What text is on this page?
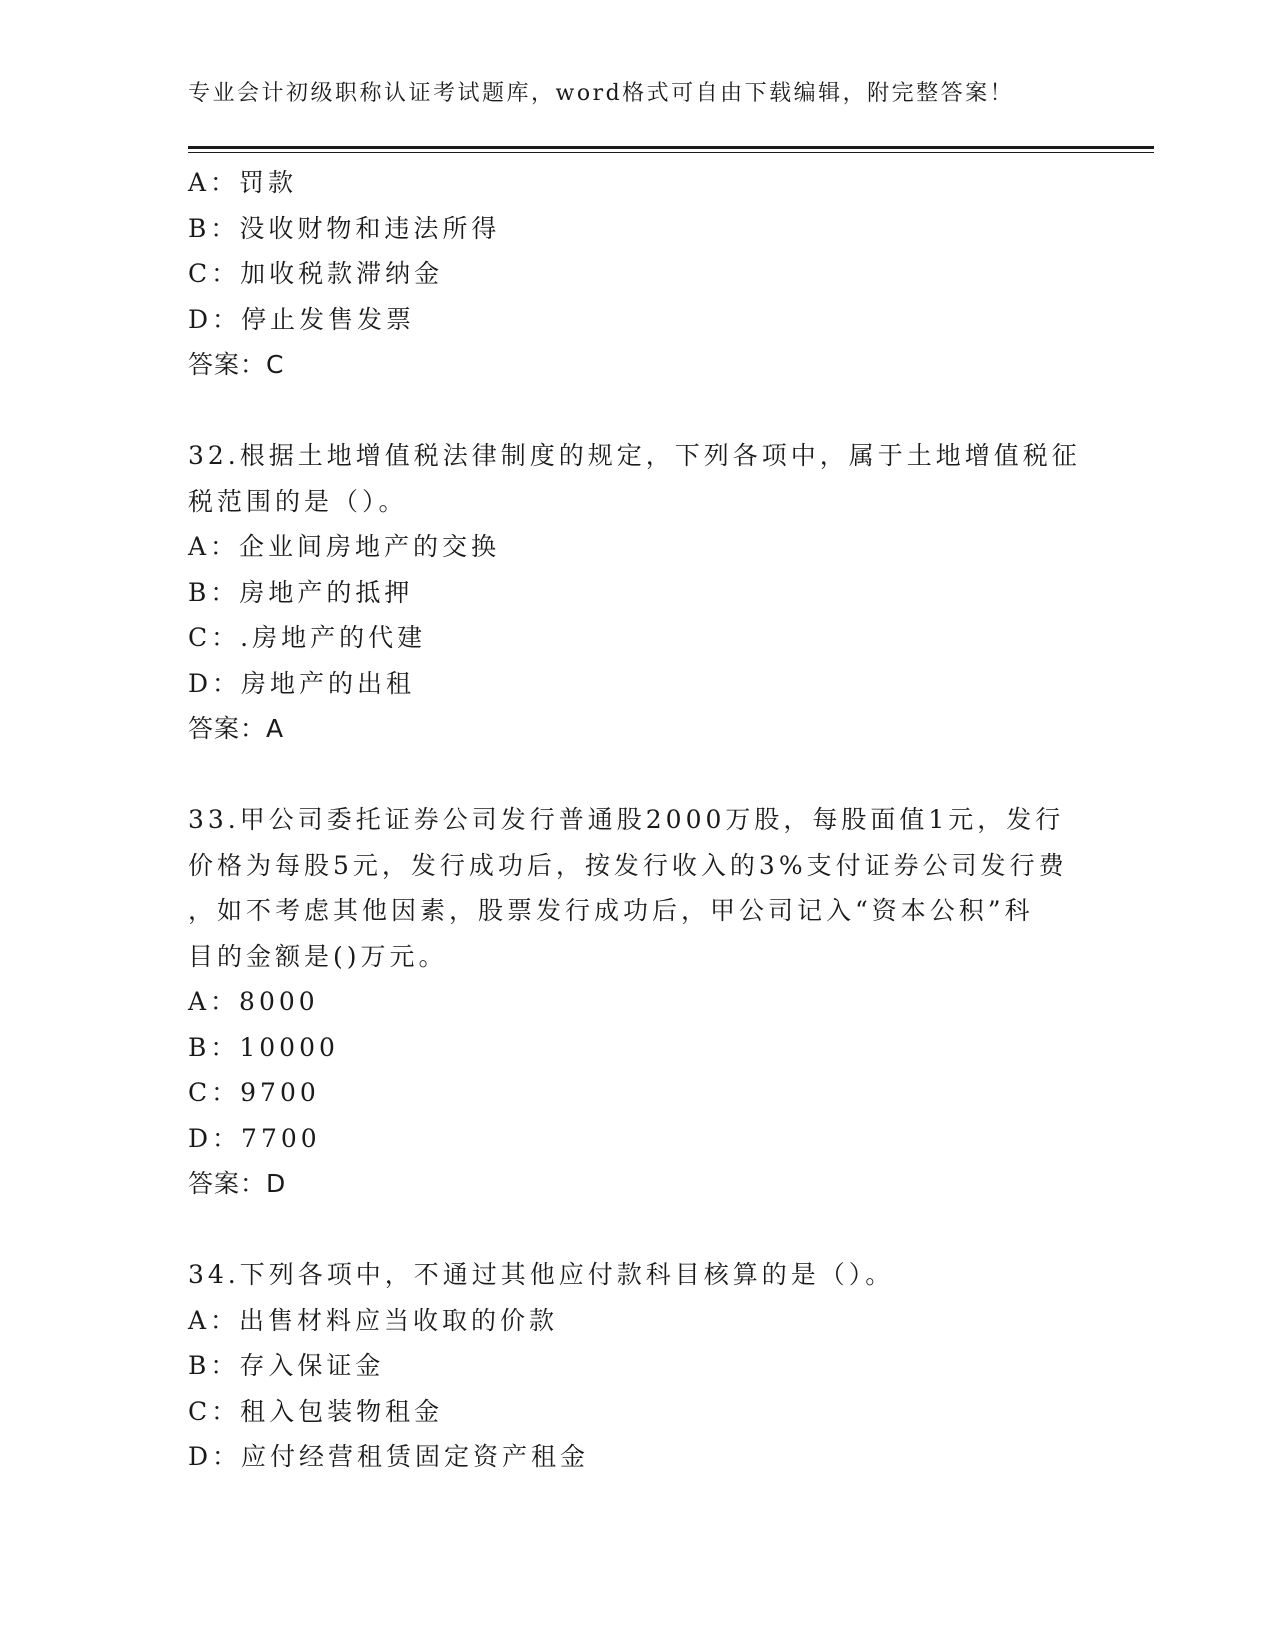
专业会计初级职称认证考试题库，word格式可自由下载编辑，附完整答案！
A：罚款
B：没收财物和违法所得
C：加收税款滞纳金
D：停止发售发票
答案：C
32.根据土地增值税法律制度的规定，下列各项中，属于土地增值税征
税范围的是（）。
A：企业间房地产的交换
B：房地产的抵押
C：.房地产的代建
D：房地产的出租
答案：A
33.甲公司委托证券公司发行普通股2000万股，每股面值1元，发行
价格为每股5元，发行成功后，按发行收入的3%支付证券公司发行费
，如不考虑其他因素，股票发行成功后，甲公司记入“资本公积”科
目的金额是()万元。
A：8000
B：10000
C：9700
D：7700
答案：D
34.下列各项中，不通过其他应付款科目核算的是（）。
A：出售材料应当收取的价款
B：存入保证金
C：租入包装物租金
D：应付经营租赁固定资产租金
